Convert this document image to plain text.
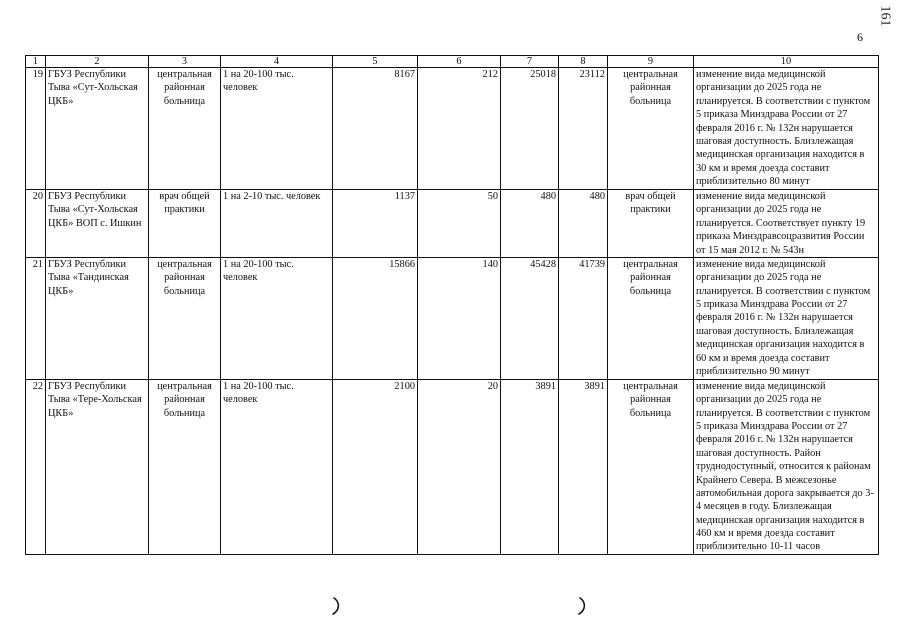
161
6
1	2	3	4	5	6	7	8	9	10
19	ГБУЗ Республики Тыва «Сут-Хольская ЦКБ»	центральная районная больница	1 на 20-100 тыс. человек	8167	212	25018	23112	центральная районная больница	изменение вида медицинской организации до 2025 года не планируется. В соответствии с пунктом 5 приказа Минздрава России от 27 февраля 2016 г. № 132н нарушается шаговая доступность. Близлежащая медицинская организация находится в 30 км и время доезда составит приблизительно 80 минут
20	ГБУЗ Республики Тыва «Сут-Хольская ЦКБ» ВОП с. Ишкин	врач общей практики	1 на 2-10 тыс. человек	1137	50	480	480	врач общей практики	изменение вида медицинской организации до 2025 года не планируется. Соответствует пункту 19 приказа Минздравсоцразвития России от 15 мая 2012 г. № 543н
21	ГБУЗ Республики Тыва «Тандинская ЦКБ»	центральная районная больница	1 на 20-100 тыс. человек	15866	140	45428	41739	центральная районная больница	изменение вида медицинской организации до 2025 года не планируется. В соответствии с пунктом 5 приказа Минздрава России от 27 февраля 2016 г. № 132н нарушается шаговая доступность. Близлежащая медицинская организация находится в 60 км и время доезда составит приблизительно 90 минут
22	ГБУЗ Республики Тыва «Тере-Хольская ЦКБ»	центральная районная больница	1 на 20-100 тыс. человек	2100	20	3891	3891	центральная районная больница	изменение вида медицинской организации до 2025 года не планируется. В соответствии с пунктом 5 приказа Минздрава России от 27 февраля 2016 г. № 132н нарушается шаговая доступность. Район труднодоступный, относится к районам Крайнего Севера. В межсезонье автомобильная дорога закрывается до 3-4 месяцев в году. Близлежащая медицинская организация находится в 460 км и время доезда составит приблизительно 10-11 часов
